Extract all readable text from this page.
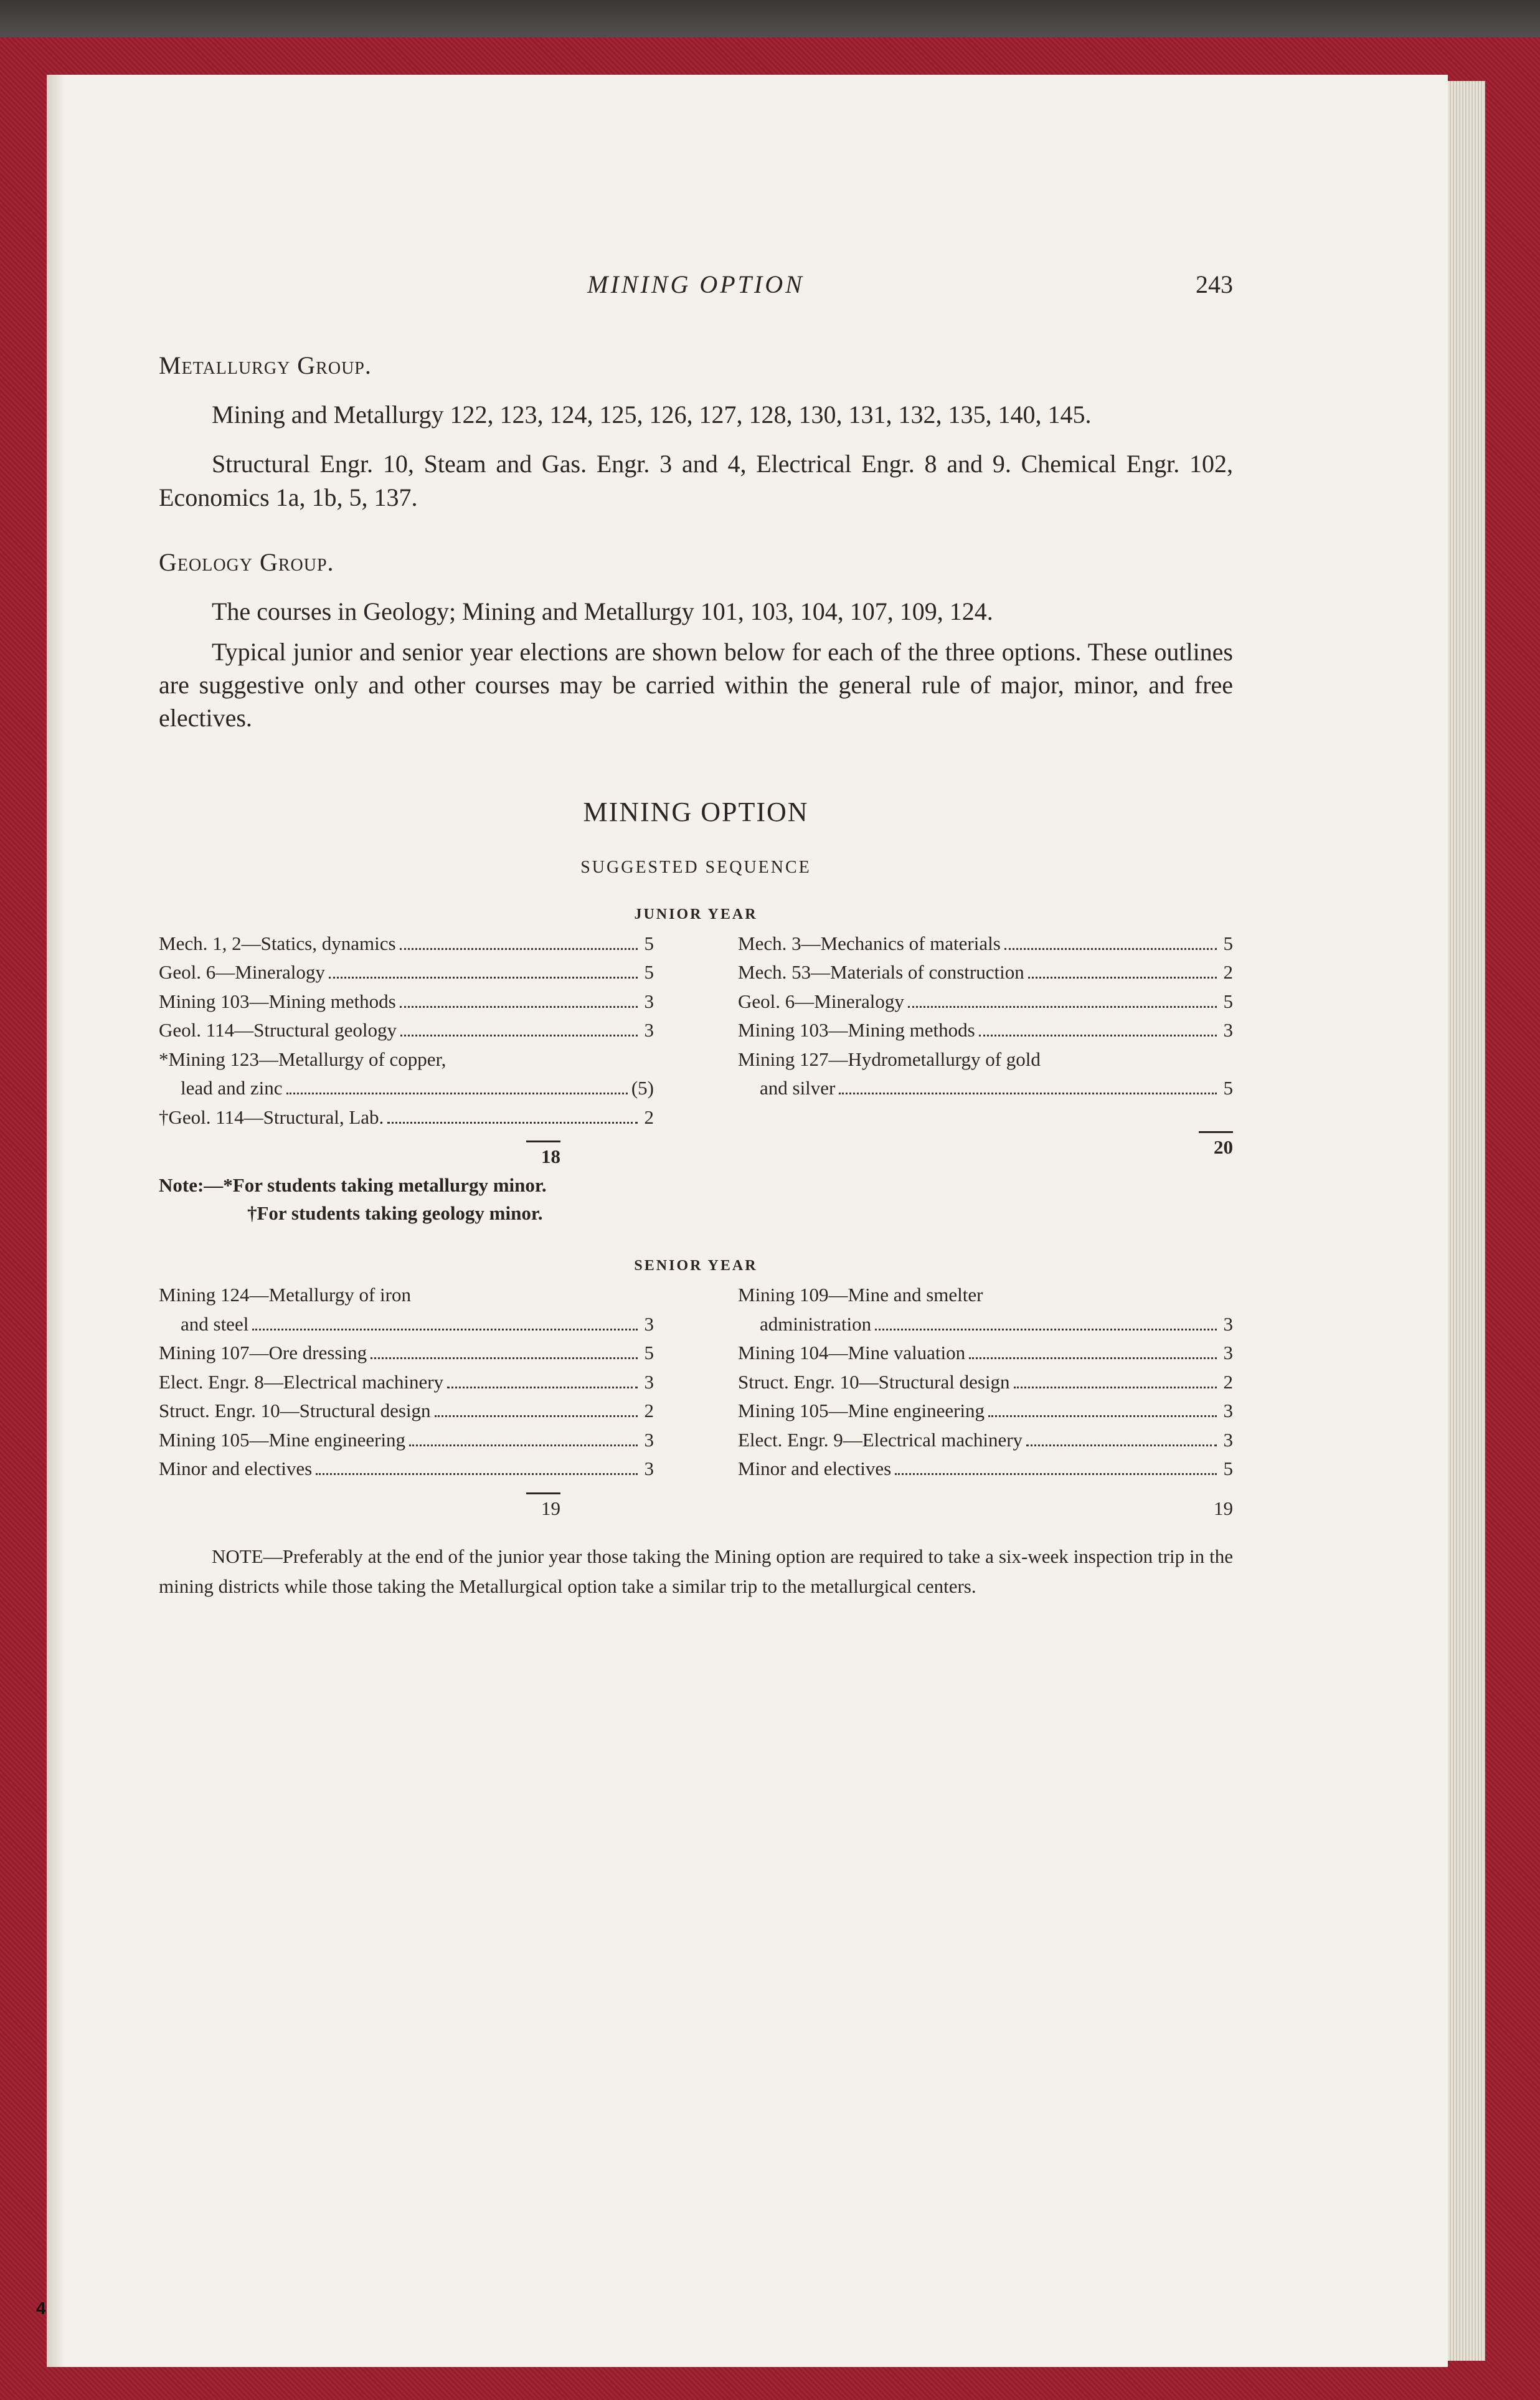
4
MINING OPTION	243

Metallurgy Group.

Mining and Metallurgy 122, 123, 124, 125, 126, 127, 128, 130, 131, 132, 135, 140, 145.

Structural Engr. 10, Steam and Gas. Engr. 3 and 4, Electrical Engr. 8 and 9. Chemical Engr. 102, Economics 1a, 1b, 5, 137.

Geology Group.

The courses in Geology; Mining and Metallurgy 101, 103, 104, 107, 109, 124.

Typical junior and senior year elections are shown below for each of the three options. These outlines are suggestive only and other courses may be carried within the general rule of major, minor, and free electives.

MINING OPTION

SUGGESTED SEQUENCE

JUNIOR YEAR

Mech. 1, 2—Statics, dynamics	5
Geol. 6—Mineralogy	5
Mining 103—Mining methods	3
Geol. 114—Structural geology	3
*Mining 123—Metallurgy of copper,
lead and zinc	(5)
†Geol. 114—Structural, Lab.	2
18
Mech. 3—Mechanics of materials	5
Mech. 53—Materials of construction	2
Geol. 6—Mineralogy	5
Mining 103—Mining methods	3
Mining 127—Hydrometallurgy of gold
and silver	5
20
Note:—*For students taking metallurgy minor.
†For students taking geology minor.

SENIOR YEAR

Mining 124—Metallurgy of iron
and steel	3
Mining 107—Ore dressing	5
Elect. Engr. 8—Electrical machinery	3
Struct. Engr. 10—Structural design	2
Mining 105—Mine engineering	3
Minor and electives	3
19
Mining 109—Mine and smelter
administration	3
Mining 104—Mine valuation	3
Struct. Engr. 10—Structural design	2
Mining 105—Mine engineering	3
Elect. Engr. 9—Electrical machinery	3
Minor and electives	5
19

NOTE—Preferably at the end of the junior year those taking the Mining option are required to take a six-week inspection trip in the mining districts while those taking the Metallurgical option take a similar trip to the metallurgical centers.
